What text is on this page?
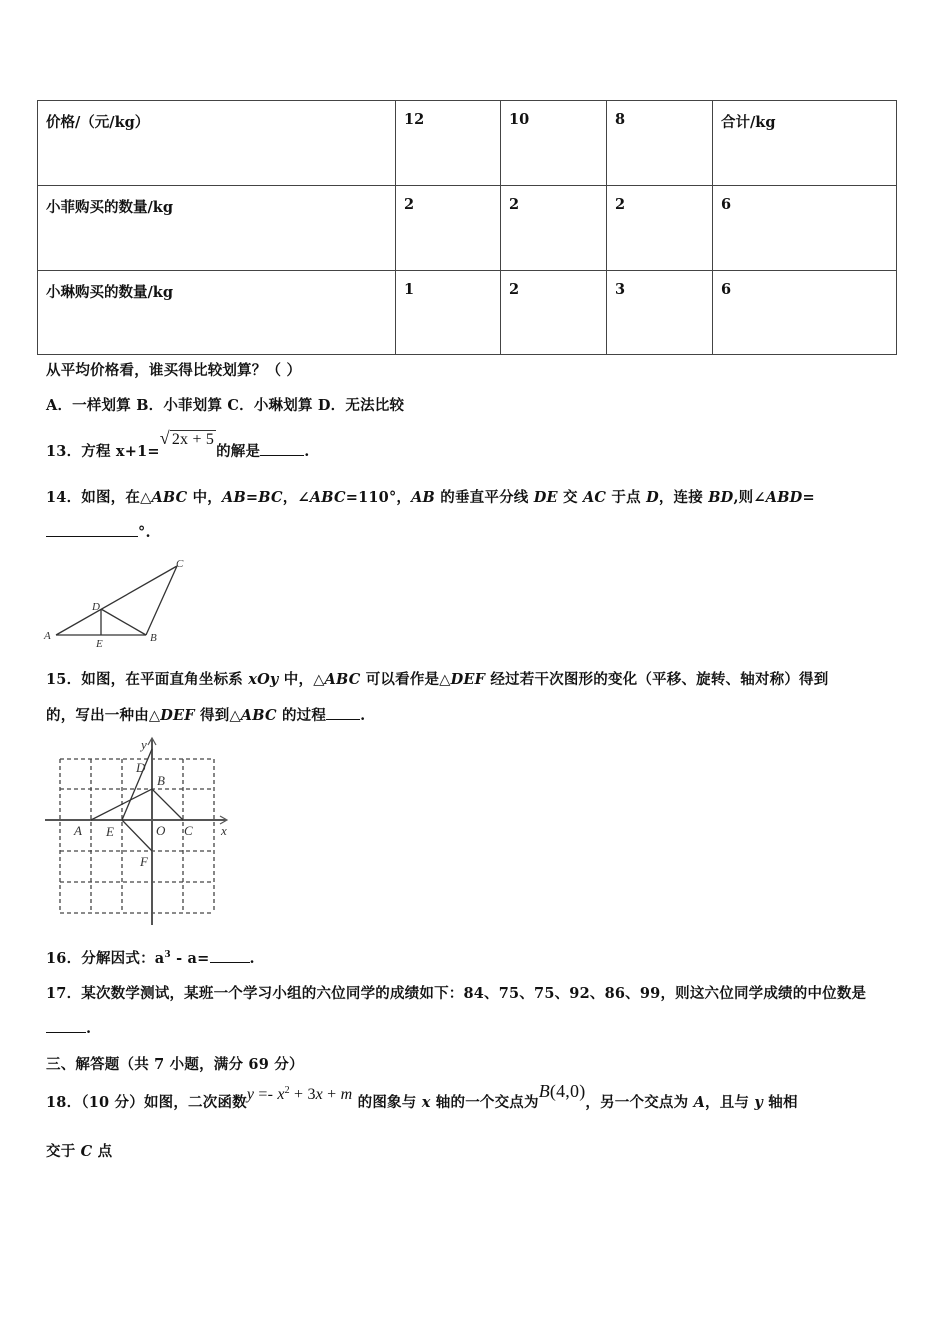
价格/（元/kg）	12	10	8	合计/kg
小菲购买的数量/kg	2	2	2	6
小琳购买的数量/kg	1	2	3	6
从平均价格看，谁买得比较划算？（ ）
A．一样划算 B．小菲划算 C．小琳划算 D．无法比较
13．方程 x+1=√ 2x + 5的解是	.
14．如图，在△ABC 中，AB=BC，∠ABC=110°，AB 的垂直平分线 DE 交 AC 于点 D，连接 BD,则∠ABD=
°.
A	B
C
D
E
15．如图，在平面直角坐标系 xOy 中，△ABC 可以看作是△DEF 经过若干次图形的变化（平移、旋转、轴对称）得到
的，写出一种由△DEF 得到△ABC 的过程 .
A
B
C
D
E
F
O	x
y
16．分解因式：$a^3 - a=$	.
17．某次数学测试，某班一个学习小组的六位同学的成绩如下：84、75、75、92、86、99，则这六位同学成绩的中位数是
.
三、解答题（共 7 小题，满分 69 分）
18．（10 分）如图，二次函数$y =- x^2 + 3x + m$ 的图象与 x 轴的一个交点为B(4,0)，另一个交点为 A，且与 y 轴相
交于 C 点
